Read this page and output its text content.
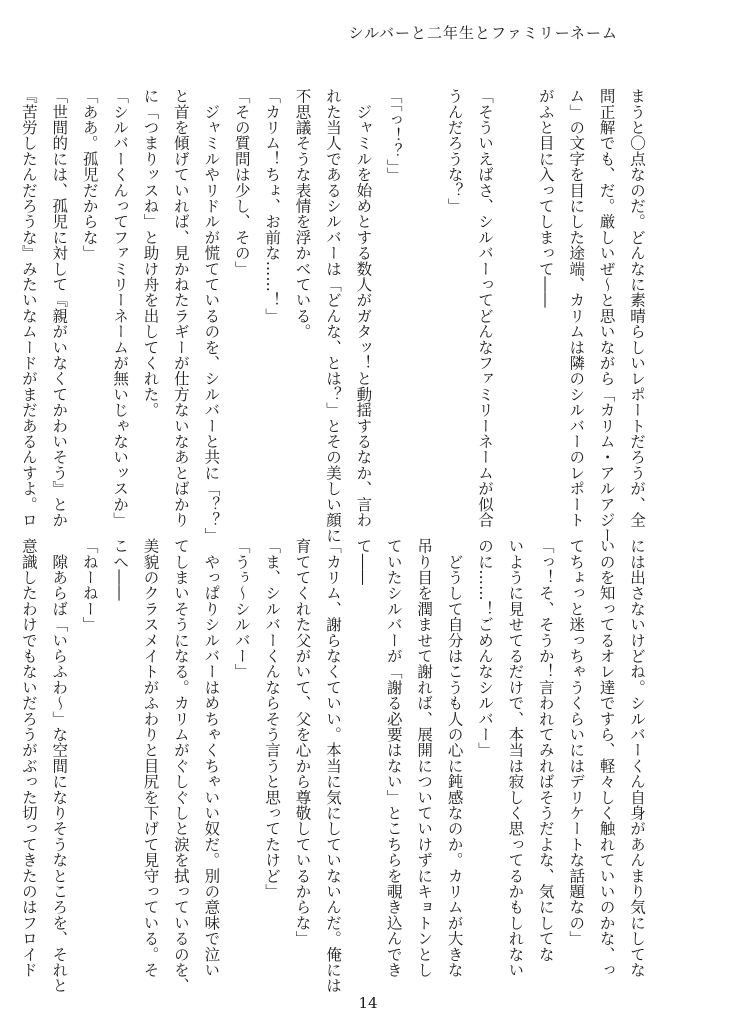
シルバーと二年生とファミリーネーム
まうと〇点なのだ。どんなに素晴らしいレポートだろうが、全
問正解でも、だ。厳しいぜ～と思いながら「カリム・アルアジー
ム」の文字を目にした途端、カリムは隣のシルバーのレポート
がふと目に入ってしまって――
「そういえばさ、シルバーってどんなファミリーネームが似合
うんだろうな？」
「「っ！？」」
　ジャミルを始めとする数人がガタッ！と動揺するなか、言わ
れた当人であるシルバーは「どんな、とは？」とその美しい顔に
不思議そうな表情を浮かべている。
「カリム！ちょ、お前な……！」
「その質問は少し、その」
　ジャミルやリドルが慌てているのを、シルバーと共に「？？」
と首を傾げていれば、見かねたラギーが仕方ないなあとばかり
に「つまりッスね」と助け舟を出してくれた。
「シルバーくんってファミリーネームが無いじゃないッスか」
「ああ。孤児だからな」
「世間的には、孤児に対して『親がいなくてかわいそう』とか
『苦労したんだろうな』みたいなムードがまだあるんすよ。ロ
には出さないけどね。シルバーくん自身があんまり気にしてな
いのを知ってるオレ達ですら、軽々しく触れていいのかな、っ
てちょっと迷っちゃうくらいにはデリケートな話題なの」
「っ！そ、そうか！言われてみればそうだよな、気にしてな
いように見せてるだけで、本当は寂しく思ってるかもしれない
のに……！ごめんなシルバー」
　どうして自分はこうも人の心に鈍感なのか。カリムが大きな
吊り目を潤ませて謝れば、展開についていけずにキョトンとし
ていたシルバーが「謝る必要はない」とこちらを覗き込んでき
て――
「カリム、謝らなくていい。本当に気にしていないんだ。俺には
育ててくれた父がいて、父を心から尊敬しているからな」
「ま、シルバーくんならそう言うと思ってたけど」
「うぅ～シルバー」
　やっぱりシルバーはめちゃくちゃいい奴だ。別の意味で泣い
てしまいそうになる。カリムがぐしぐしと涙を拭っているのを、
美貌のクラスメイトがふわりと目尻を下げて見守っている。そ
こへ――
「ねーねー」
　隙あらば「いらふわ～」な空間になりそうなところを、それと
意識したわけでもないだろうがぶった切ってきたのはフロイド
14
